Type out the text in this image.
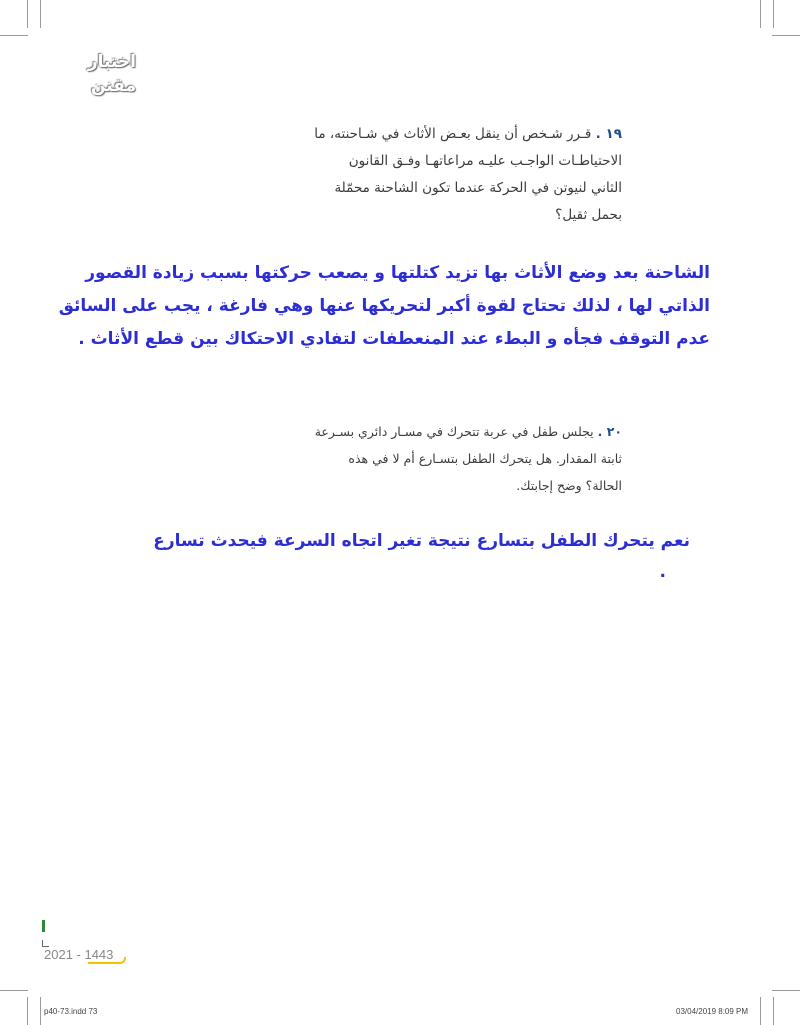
اختبار
مقنن
١٩ . قـرر شـخص أن ينقل بعـض الأثاث في شـاحنته، ما
الاحتياطـات الواجـب عليـه مراعاتهـا وفـق القانون
الثاني لنيوتن في الحركة عندما تكون الشاحنة محمّلة
بحمل ثقيل؟
الشاحنة بعد وضع الأثاث بها تزيد كتلتها و يصعب حركتها بسبب زيادة القصور
الذاتي لها ، لذلك تحتاج لقوة أكبر لتحريكها عنها وهي فارغة ، يجب على السائق
عدم التوقف فجأه و البطء عند المنعطفات لتفادي الاحتكاك بين قطع الأثاث .
٢٠ . يجلس طفل في عربة تتحرك في مسـار دائري بسـرعة
ثابتة المقدار. هل يتحرك الطفل بتسـارع أم لا في هذه
الحالة؟ وضح إجابتك.
نعم يتحرك الطفل بتسارع نتيجة تغير اتجاه السرعة فيحدث تسارع
.
2021 - 1443
p40-73.indd 73	03/04/2019 8:09 PM
